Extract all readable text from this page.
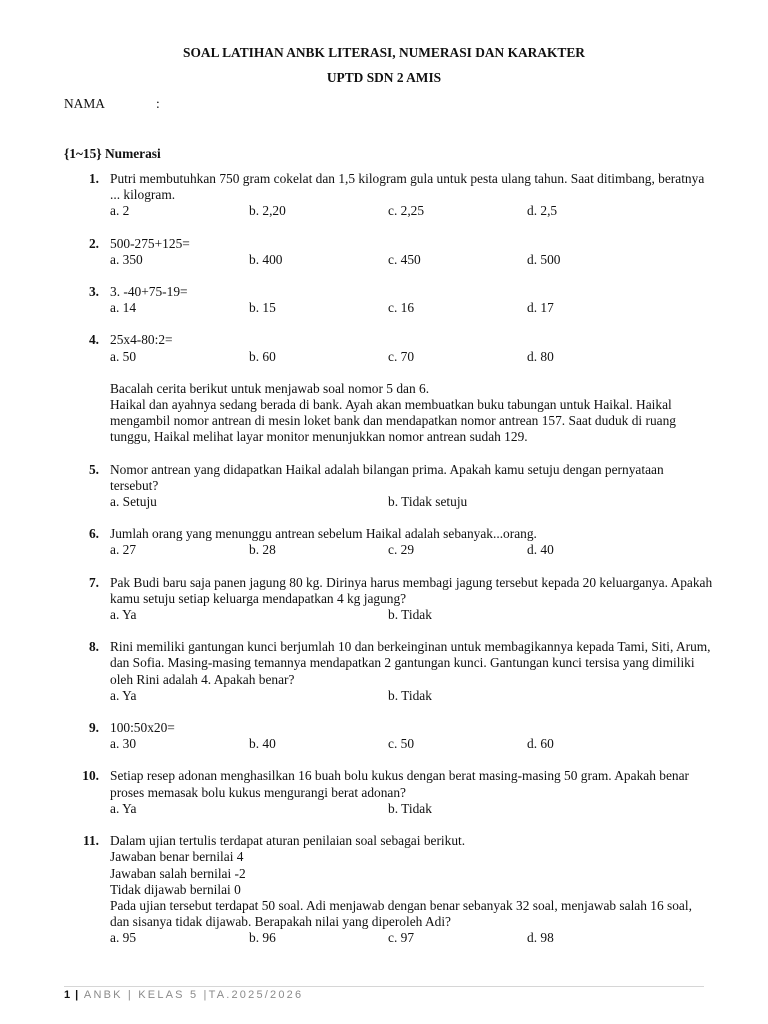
SOAL LATIHAN ANBK LITERASI, NUMERASI DAN KARAKTER
UPTD SDN 2 AMIS
NAMA	:
{1~15} Numerasi
1. Putri membutuhkan 750 gram cokelat dan 1,5 kilogram gula untuk pesta ulang tahun. Saat ditimbang, beratnya ... kilogram.
a. 2	b. 2,20	c. 2,25	d. 2,5
2. 500-275+125=
a. 350	b. 400	c. 450	d. 500
3. 3. -40+75-19=
a. 14	b. 15	c. 16	d. 17
4. 25x4-80:2=
a. 50	b. 60	c. 70	d. 80
Bacalah cerita berikut untuk menjawab soal nomor 5 dan 6.
Haikal dan ayahnya sedang berada di bank. Ayah akan membuatkan buku tabungan untuk Haikal. Haikal mengambil nomor antrean di mesin loket bank dan mendapatkan nomor antrean 157. Saat duduk di ruang tunggu, Haikal melihat layar monitor menunjukkan nomor antrean sudah 129.
5. Nomor antrean yang didapatkan Haikal adalah bilangan prima. Apakah kamu setuju dengan pernyataan tersebut?
a. Setuju	b. Tidak setuju
6. Jumlah orang yang menunggu antrean sebelum Haikal adalah sebanyak...orang.
a. 27	b. 28	c. 29	d. 40
7. Pak Budi baru saja panen jagung 80 kg. Dirinya harus membagi jagung tersebut kepada 20 keluarganya. Apakah kamu setuju setiap keluarga mendapatkan 4 kg jagung?
a. Ya	b. Tidak
8. Rini memiliki gantungan kunci berjumlah 10 dan berkeinginan untuk membagikannya kepada Tami, Siti, Arum, dan Sofia. Masing-masing temannya mendapatkan 2 gantungan kunci. Gantungan kunci tersisa yang dimiliki oleh Rini adalah 4. Apakah benar?
a. Ya	b. Tidak
9. 100:50x20=
a. 30	b. 40	c. 50	d. 60
10. Setiap resep adonan menghasilkan 16 buah bolu kukus dengan berat masing-masing 50 gram. Apakah benar proses memasak bolu kukus mengurangi berat adonan?
a. Ya	b. Tidak
11. Dalam ujian tertulis terdapat aturan penilaian soal sebagai berikut.
Jawaban benar bernilai 4
Jawaban salah bernilai -2
Tidak dijawab bernilai 0
Pada ujian tersebut terdapat 50 soal. Adi menjawab dengan benar sebanyak 32 soal, menjawab salah 16 soal, dan sisanya tidak dijawab. Berapakah nilai yang diperoleh Adi?
a. 95	b. 96	c. 97	d. 98
1 | ANBK | KELAS 5 |TA.2025/2026
